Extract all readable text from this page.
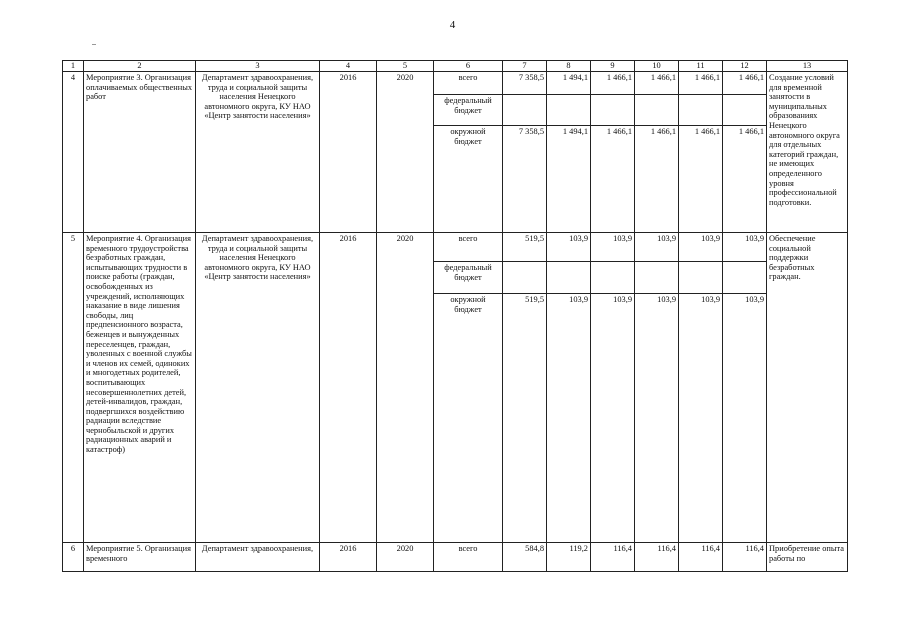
4
1	2	3	4	5	6	7	8	9	10	11	12	13
4	Мероприятие 3. Организация оплачиваемых общественных работ	Департамент здравоохранения, труда и социальной защиты населения Ненецкого автономного округа, КУ НАО «Центр занятости населения»	2016	2020	всего	7 358,5	1 494,1	1 466,1	1 466,1	1 466,1	1 466,1	Создание условий для временной занятости в муниципальных образованиях Ненецкого автономного округа для отдельных категорий граждан, не имеющих определенного уровня профессиональной подготовки.
					федеральный бюджет							
					окружной бюджет	7 358,5	1 494,1	1 466,1	1 466,1	1 466,1	1 466,1	
5	Мероприятие 4. Организация временного трудоустройства безработных граждан, испытывающих трудности в поиске работы (граждан, освобожденных из учреждений, исполняющих наказание в виде лишения свободы, лиц предпенсионного возраста, беженцев и вынужденных переселенцев, граждан, уволенных с военной службы и членов их семей, одиноких и многодетных родителей, воспитывающих несовершеннолетних детей, детей-инвалидов, граждан, подвергшихся воздействию радиации вследствие чернобыльской и других радиационных аварий и катастроф)	Департамент здравоохранения, труда и социальной защиты населения Ненецкого автономного округа, КУ НАО «Центр занятости населения»	2016	2020	всего	519,5	103,9	103,9	103,9	103,9	103,9	Обеспечение социальной поддержки безработных граждан.
					федеральный бюджет							
					окружной бюджет	519,5	103,9	103,9	103,9	103,9	103,9	
6	Мероприятие 5. Организация временного	Департамент здравоохранения,	2016	2020	всего	584,8	119,2	116,4	116,4	116,4	116,4	Приобретение опыта работы по
